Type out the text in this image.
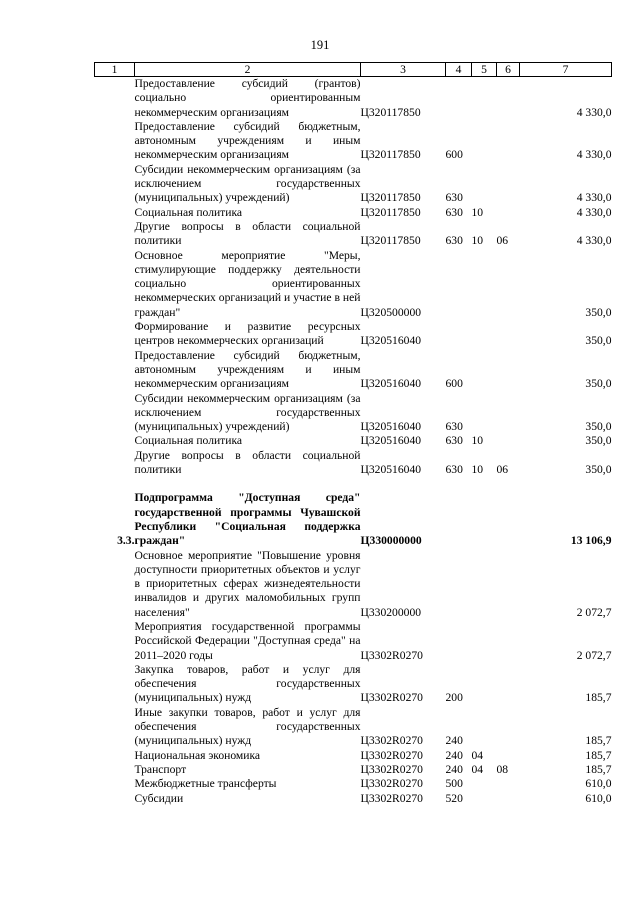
191
1	2	3	4	5	6	7
	Предоставление субсидий (грантов) социально ориентированным некоммерческим организациям	Ц320117850				4 330,0
	Предоставление субсидий бюджетным, автономным учреждениям и иным некоммерческим организациям	Ц320117850	600			4 330,0
	Субсидии некоммерческим организациям (за исключением государственных (муниципальных) учреждений)	Ц320117850	630			4 330,0
	Социальная политика	Ц320117850	630	10		4 330,0
	Другие вопросы в области социальной политики	Ц320117850	630	10	06	4 330,0
	Основное мероприятие "Меры, стимулирующие поддержку деятельности социально ориентированных некоммерческих организаций и участие в ней граждан"	Ц320500000				350,0
	Формирование и развитие ресурсных центров некоммерческих организаций	Ц320516040				350,0
	Предоставление субсидий бюджетным, автономным учреждениям и иным некоммерческим организациям	Ц320516040	600			350,0
	Субсидии некоммерческим организациям (за исключением государственных (муниципальных) учреждений)	Ц320516040	630			350,0
	Социальная политика	Ц320516040	630	10		350,0
	Другие вопросы в области социальной политики	Ц320516040	630	10	06	350,0

3.3.	Подпрограмма "Доступная среда" государственной программы Чувашской Республики "Социальная поддержка граждан"	Ц330000000				13 106,9
	Основное мероприятие "Повышение уровня доступности приоритетных объектов и услуг в приоритетных сферах жизнедеятельности инвалидов и других маломобильных групп населения"	Ц330200000				2 072,7
	Мероприятия государственной программы Российской Федерации "Доступная среда" на 2011–2020 годы	Ц3302R0270				2 072,7
	Закупка товаров, работ и услуг для обеспечения государственных (муниципальных) нужд	Ц3302R0270	200			185,7
	Иные закупки товаров, работ и услуг для обеспечения государственных (муниципальных) нужд	Ц3302R0270	240			185,7
	Национальная экономика	Ц3302R0270	240	04		185,7
	Транспорт	Ц3302R0270	240	04	08	185,7
	Межбюджетные трансферты	Ц3302R0270	500			610,0
	Субсидии	Ц3302R0270	520			610,0
